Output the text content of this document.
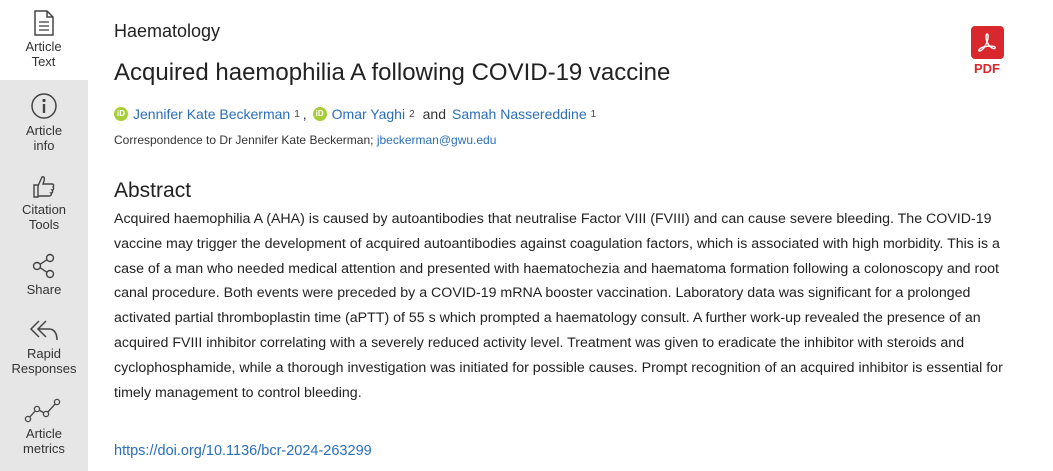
Article
Text
Article
info
Citation
Tools
Share
Rapid
Responses
Article
metrics
Haematology
Acquired haemophilia A following COVID-19 vaccine
iD Jennifer Kate Beckerman 1 ,	iD Omar Yaghi 2 and Samah Nassereddine 1
Correspondence to Dr Jennifer Kate Beckerman; jbeckerman@gwu.edu
Abstract

Acquired haemophilia A (AHA) is caused by autoantibodies that neutralise Factor VIII (FVIII) and can cause severe bleeding. The COVID-19 vaccine may trigger the development of acquired autoantibodies against coagulation factors, which is associated with high morbidity. This is a case of a man who needed medical attention and presented with haematochezia and haematoma formation following a colonoscopy and root canal procedure. Both events were preceded by a COVID-19 mRNA booster vaccination. Laboratory data was significant for a prolonged activated partial thromboplastin time (aPTT) of 55 s which prompted a haematology consult. A further work-up revealed the presence of an acquired FVIII inhibitor correlating with a severely reduced activity level. Treatment was given to eradicate the inhibitor with steroids and cyclophosphamide, while a thorough investigation was initiated for possible causes. Prompt recognition of an acquired inhibitor is essential for timely management to control bleeding.

https://doi.org/10.1136/bcr-2024-263299
PDF
